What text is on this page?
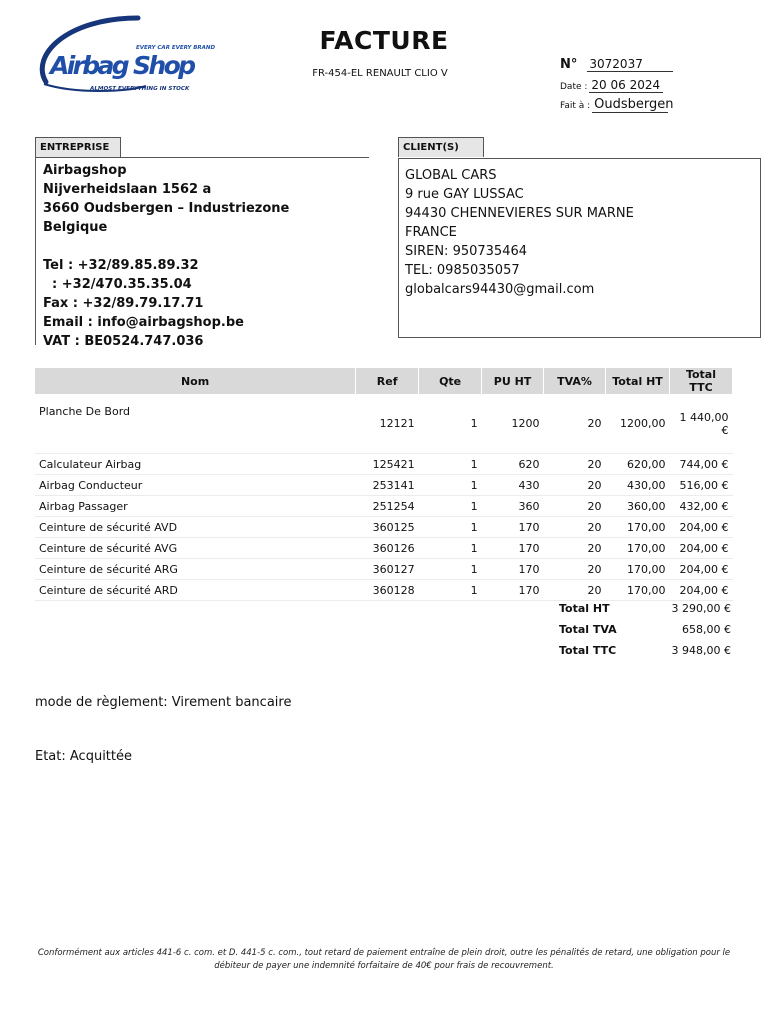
EVERY CAR EVERY BRAND
Airbag Shop
ALMOST EVERYTHING IN STOCK
FACTURE
FR-454-EL RENAULT CLIO V
N° 3072037
Date : 20 06 2024
Fait à : Oudsbergen
ENTREPRISE
Airbagshop
Nijverheidslaan 1562 a
3660 Oudsbergen – Industriezone
Belgique

Tel : +32/89.85.89.32
: +32/470.35.35.04
Fax : +32/89.79.17.71
Email : info@airbagshop.be
VAT : BE0524.747.036
CLIENT(S)
GLOBAL CARS
9 rue GAY LUSSAC
94430 CHENNEVIERES SUR MARNE
FRANCE
SIREN: 950735464
TEL: 0985035057
globalcars94430@gmail.com
Nom	Ref	Qte	PU HT	TVA%	Total HT	Total TTC
Planche De Bord	12121	1	1200	20	1200,00	1 440,00 €
Calculateur Airbag	125421	1	620	20	620,00	744,00 €
Airbag Conducteur	253141	1	430	20	430,00	516,00 €
Airbag Passager	251254	1	360	20	360,00	432,00 €
Ceinture de sécurité AVD	360125	1	170	20	170,00	204,00 €
Ceinture de sécurité AVG	360126	1	170	20	170,00	204,00 €
Ceinture de sécurité ARG	360127	1	170	20	170,00	204,00 €
Ceinture de sécurité ARD	360128	1	170	20	170,00	204,00 €
Total HT	3 290,00 €
Total TVA	658,00 €
Total TTC	3 948,00 €
mode de règlement: Virement bancaire
Etat: Acquittée
Conformément aux articles 441-6 c. com. et D. 441-5 c. com., tout retard de paiement entraîne de plein droit, outre les pénalités de retard, une obligation pour le débiteur de payer une indemnité forfaitaire de 40€ pour frais de recouvrement.
